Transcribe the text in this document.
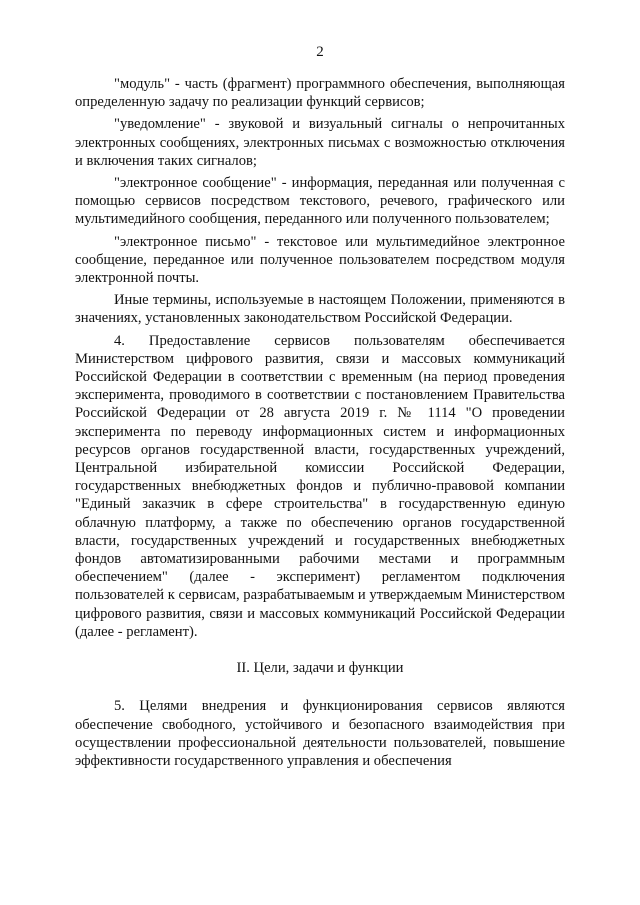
2

"модуль" - часть (фрагмент) программного обеспечения, выполняющая определенную задачу по реализации функций сервисов;

"уведомление" - звуковой и визуальный сигналы о непрочитанных электронных сообщениях, электронных письмах с возможностью отключения и включения таких сигналов;

"электронное сообщение" - информация, переданная или полученная с помощью сервисов посредством текстового, речевого, графического или мультимедийного сообщения, переданного или полученного пользователем;

"электронное письмо" - текстовое или мультимедийное электронное сообщение, переданное или полученное пользователем посредством модуля электронной почты.

Иные термины, используемые в настоящем Положении, применяются в значениях, установленных законодательством Российской Федерации.

4. Предоставление сервисов пользователям обеспечивается Министерством цифрового развития, связи и массовых коммуникаций Российской Федерации в соответствии с временным (на период проведения эксперимента, проводимого в соответствии с постановлением Правительства Российской Федерации от 28 августа 2019 г. № 1114 "О проведении эксперимента по переводу информационных систем и информационных ресурсов органов государственной власти, государственных учреждений, Центральной избирательной комиссии Российской Федерации, государственных внебюджетных фондов и публично-правовой компании "Единый заказчик в сфере строительства" в государственную единую облачную платформу, а также по обеспечению органов государственной власти, государственных учреждений и государственных внебюджетных фондов автоматизированными рабочими местами и программным обеспечением" (далее - эксперимент) регламентом подключения пользователей к сервисам, разрабатываемым и утверждаемым Министерством цифрового развития, связи и массовых коммуникаций Российской Федерации (далее - регламент).

II. Цели, задачи и функции

5. Целями внедрения и функционирования сервисов являются обеспечение свободного, устойчивого и безопасного взаимодействия при осуществлении профессиональной деятельности пользователей, повышение эффективности государственного управления и обеспечения
